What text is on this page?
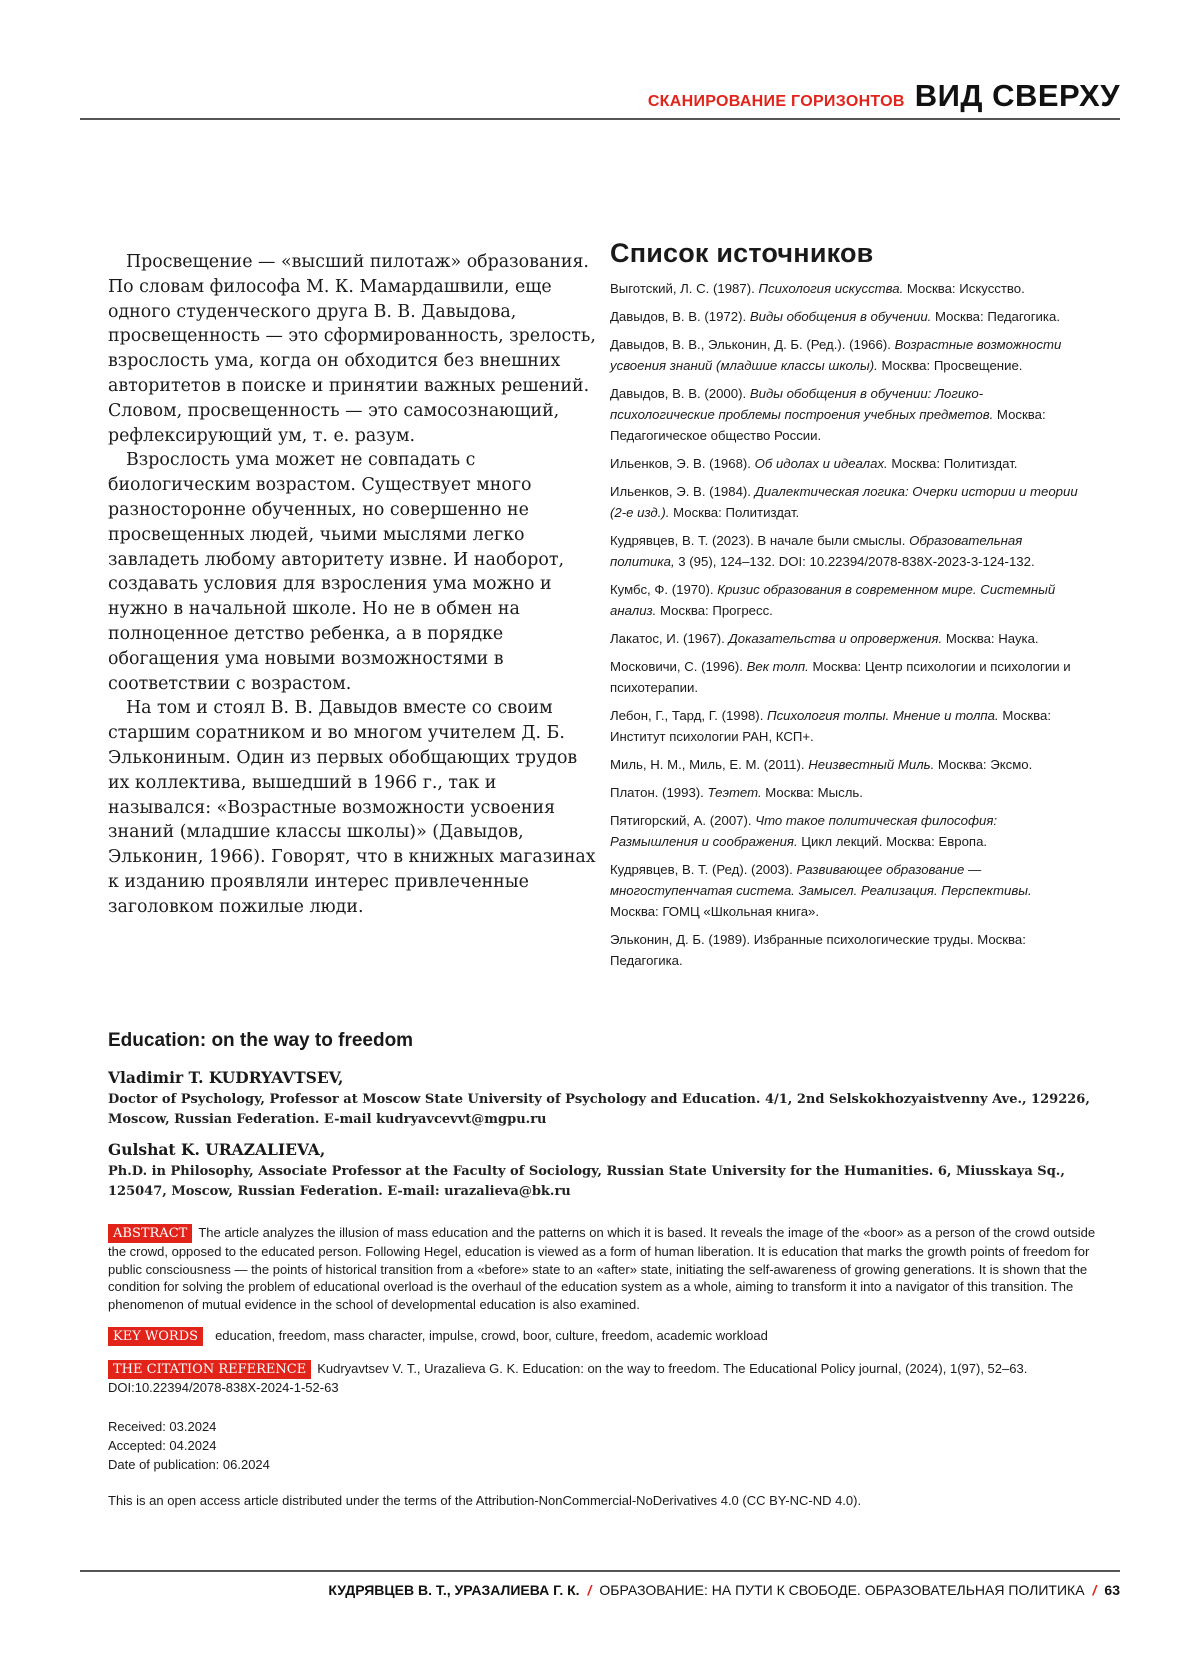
СКАНИРОВАНИЕ ГОРИЗОНТОВ ВИД СВЕРХУ

Просвещение — «высший пилотаж» образования. По словам философа М. К. Мамардашвили, еще одного студенческого друга В. В. Давыдова, просвещенность — это сформированность, зрелость, взрослость ума, когда он обходится без внешних авторитетов в поиске и принятии важных решений. Словом, просвещенность — это самосознающий, рефлексирующий ум, т. е. разум.

Взрослость ума может не совпадать с биологическим возрастом. Существует много разносторонне обученных, но совершенно не просвещенных людей, чьими мыслями легко завладеть любому авторитету извне. И наоборот, создавать условия для взросления ума можно и нужно в начальной школе. Но не в обмен на полноценное детство ребенка, а в порядке обогащения ума новыми возможностями в соответствии с возрастом.

На том и стоял В. В. Давыдов вместе со своим старшим соратником и во многом учителем Д. Б. Элькониным. Один из первых обобщающих трудов их коллектива, вышедший в 1966 г., так и назывался: «Возрастные возможности усвоения знаний (младшие классы школы)» (Давыдов, Эльконин, 1966). Говорят, что в книжных магазинах к изданию проявляли интерес привлеченные заголовком пожилые люди.

Список источников
Выготский, Л. С. (1987). Психология искусства. Москва: Искусство.
Давыдов, В. В. (1972). Виды обобщения в обучении. Москва: Педагогика.
Давыдов, В. В., Эльконин, Д. Б. (Ред.). (1966). Возрастные возможности усвоения знаний (младшие классы школы). Москва: Просвещение.
Давыдов, В. В. (2000). Виды обобщения в обучении: Логико-психологические проблемы построения учебных предметов. Москва: Педагогическое общество России.
Ильенков, Э. В. (1968). Об идолах и идеалах. Москва: Политиздат.
Ильенков, Э. В. (1984). Диалектическая логика: Очерки истории и теории (2-е изд.). Москва: Политиздат.
Кудрявцев, В. Т. (2023). В начале были смыслы. Образовательная политика, 3 (95), 124–132. DOI: 10.22394/2078-838X-2023-3-124-132.
Кумбс, Ф. (1970). Кризис образования в современном мире. Системный анализ. Москва: Прогресс.
Лакатос, И. (1967). Доказательства и опровержения. Москва: Наука.
Московичи, С. (1996). Век толп. Москва: Центр психологии и психологии и психотерапии.
Лебон, Г., Тард, Г. (1998). Психология толпы. Мнение и толпа. Москва: Институт психологии РАН, КСП+.
Миль, Н. М., Миль, Е. М. (2011). Неизвестный Миль. Москва: Эксмо.
Платон. (1993). Теэтет. Москва: Мысль.
Пятигорский, А. (2007). Что такое политическая философия: Размышления и соображения. Цикл лекций. Москва: Европа.
Кудрявцев, В. Т. (Ред). (2003). Развивающее образование — многоступенчатая система. Замысел. Реализация. Перспективы. Москва: ГОМЦ «Школьная книга».
Эльконин, Д. Б. (1989). Избранные психологические труды. Москва: Педагогика.
Education: on the way to freedom
Vladimir T. KUDRYAVTSEV,
Doctor of Psychology, Professor at Moscow State University of Psychology and Education. 4/1, 2nd Selskokhozyaistvenny Ave., 129226, Moscow, Russian Federation. E-mail kudryavcevvt@mgpu.ru
Gulshat K. URAZALIEVA,
Ph.D. in Philosophy, Associate Professor at the Faculty of Sociology, Russian State University for the Humanities. 6, Miusskaya Sq., 125047, Moscow, Russian Federation. E-mail: urazalieva@bk.ru
ABSTRACT The article analyzes the illusion of mass education and the patterns on which it is based. It reveals the image of the «boor» as a person of the crowd outside the crowd, opposed to the educated person. Following Hegel, education is viewed as a form of human liberation. It is education that marks the growth points of freedom for public consciousness — the points of historical transition from a «before» state to an «after» state, initiating the self-awareness of growing generations. It is shown that the condition for solving the problem of educational overload is the overhaul of the education system as a whole, aiming to transform it into a navigator of this transition. The phenomenon of mutual evidence in the school of developmental education is also examined.
KEY WORDS education, freedom, mass character, impulse, crowd, boor, culture, freedom, academic workload
THE CITATION REFERENCE Kudryavtsev V. T., Urazalieva G. K. Education: on the way to freedom. The Educational Policy journal, (2024), 1(97), 52–63. DOI:10.22394/2078-838X-2024-1-52-63
Received: 03.2024
Accepted: 04.2024
Date of publication: 06.2024
This is an open access article distributed under the terms of the Attribution-NonCommercial-NoDerivatives 4.0 (CC BY-NC-ND 4.0).
КУДРЯВЦЕВ В. Т., УРАЗАЛИЕВА Г. К. / ОБРАЗОВАНИЕ: НА ПУТИ К СВОБОДЕ. ОБРАЗОВАТЕЛЬНАЯ ПОЛИТИКА / 63
